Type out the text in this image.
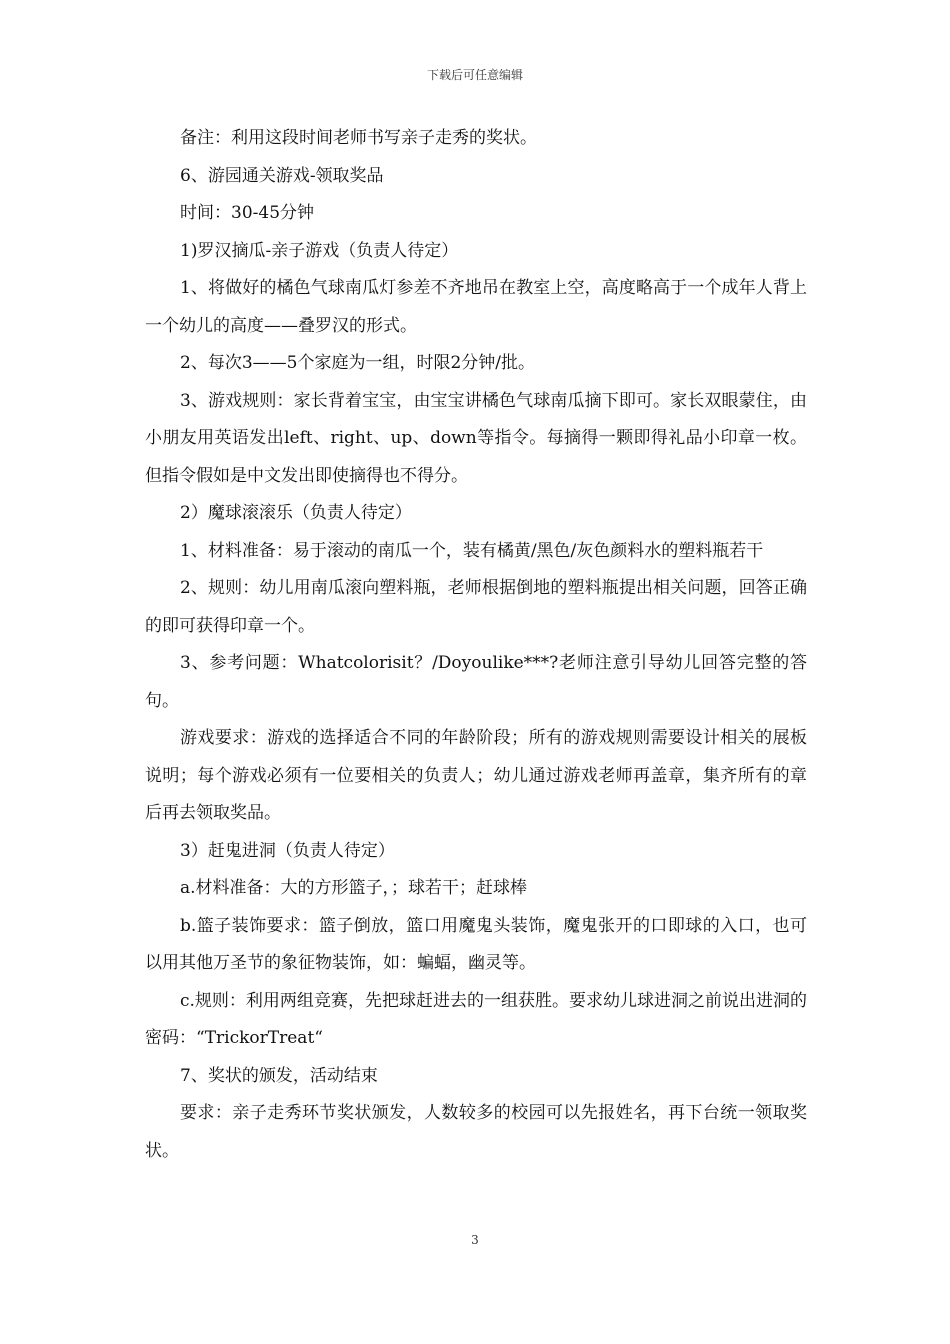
下载后可任意编辑

备注：利用这段时间老师书写亲子走秀的奖状。

6、游园通关游戏-领取奖品

时间：30-45分钟

1)罗汉摘瓜-亲子游戏（负责人待定）

1、将做好的橘色气球南瓜灯参差不齐地吊在教室上空，高度略高于一个成年人背上一个幼儿的高度——叠罗汉的形式。

2、每次3——5个家庭为一组，时限2分钟/批。

3、游戏规则：家长背着宝宝，由宝宝讲橘色气球南瓜摘下即可。家长双眼蒙住，由小朋友用英语发出left、right、up、down等指令。每摘得一颗即得礼品小印章一枚。但指令假如是中文发出即使摘得也不得分。

2）魔球滚滚乐（负责人待定）

1、材料准备：易于滚动的南瓜一个，装有橘黄/黑色/灰色颜料水的塑料瓶若干

2、规则：幼儿用南瓜滚向塑料瓶，老师根据倒地的塑料瓶提出相关问题，回答正确的即可获得印章一个。

3、参考问题：Whatcolorisit？/Doyoulike***?老师注意引导幼儿回答完整的答句。

游戏要求：游戏的选择适合不同的年龄阶段；所有的游戏规则需要设计相关的展板说明；每个游戏必须有一位要相关的负责人；幼儿通过游戏老师再盖章，集齐所有的章后再去领取奖品。

3）赶鬼进洞（负责人待定）

a.材料准备：大的方形篮子，；球若干；赶球棒

b.篮子装饰要求：篮子倒放，篮口用魔鬼头装饰，魔鬼张开的口即球的入口，也可以用其他万圣节的象征物装饰，如：蝙蝠，幽灵等。

c.规则：利用两组竞赛，先把球赶进去的一组获胜。要求幼儿球进洞之前说出进洞的密码：“TrickorTreat“

7、奖状的颁发，活动结束

要求：亲子走秀环节奖状颁发，人数较多的校园可以先报姓名，再下台统一领取奖状。

3
